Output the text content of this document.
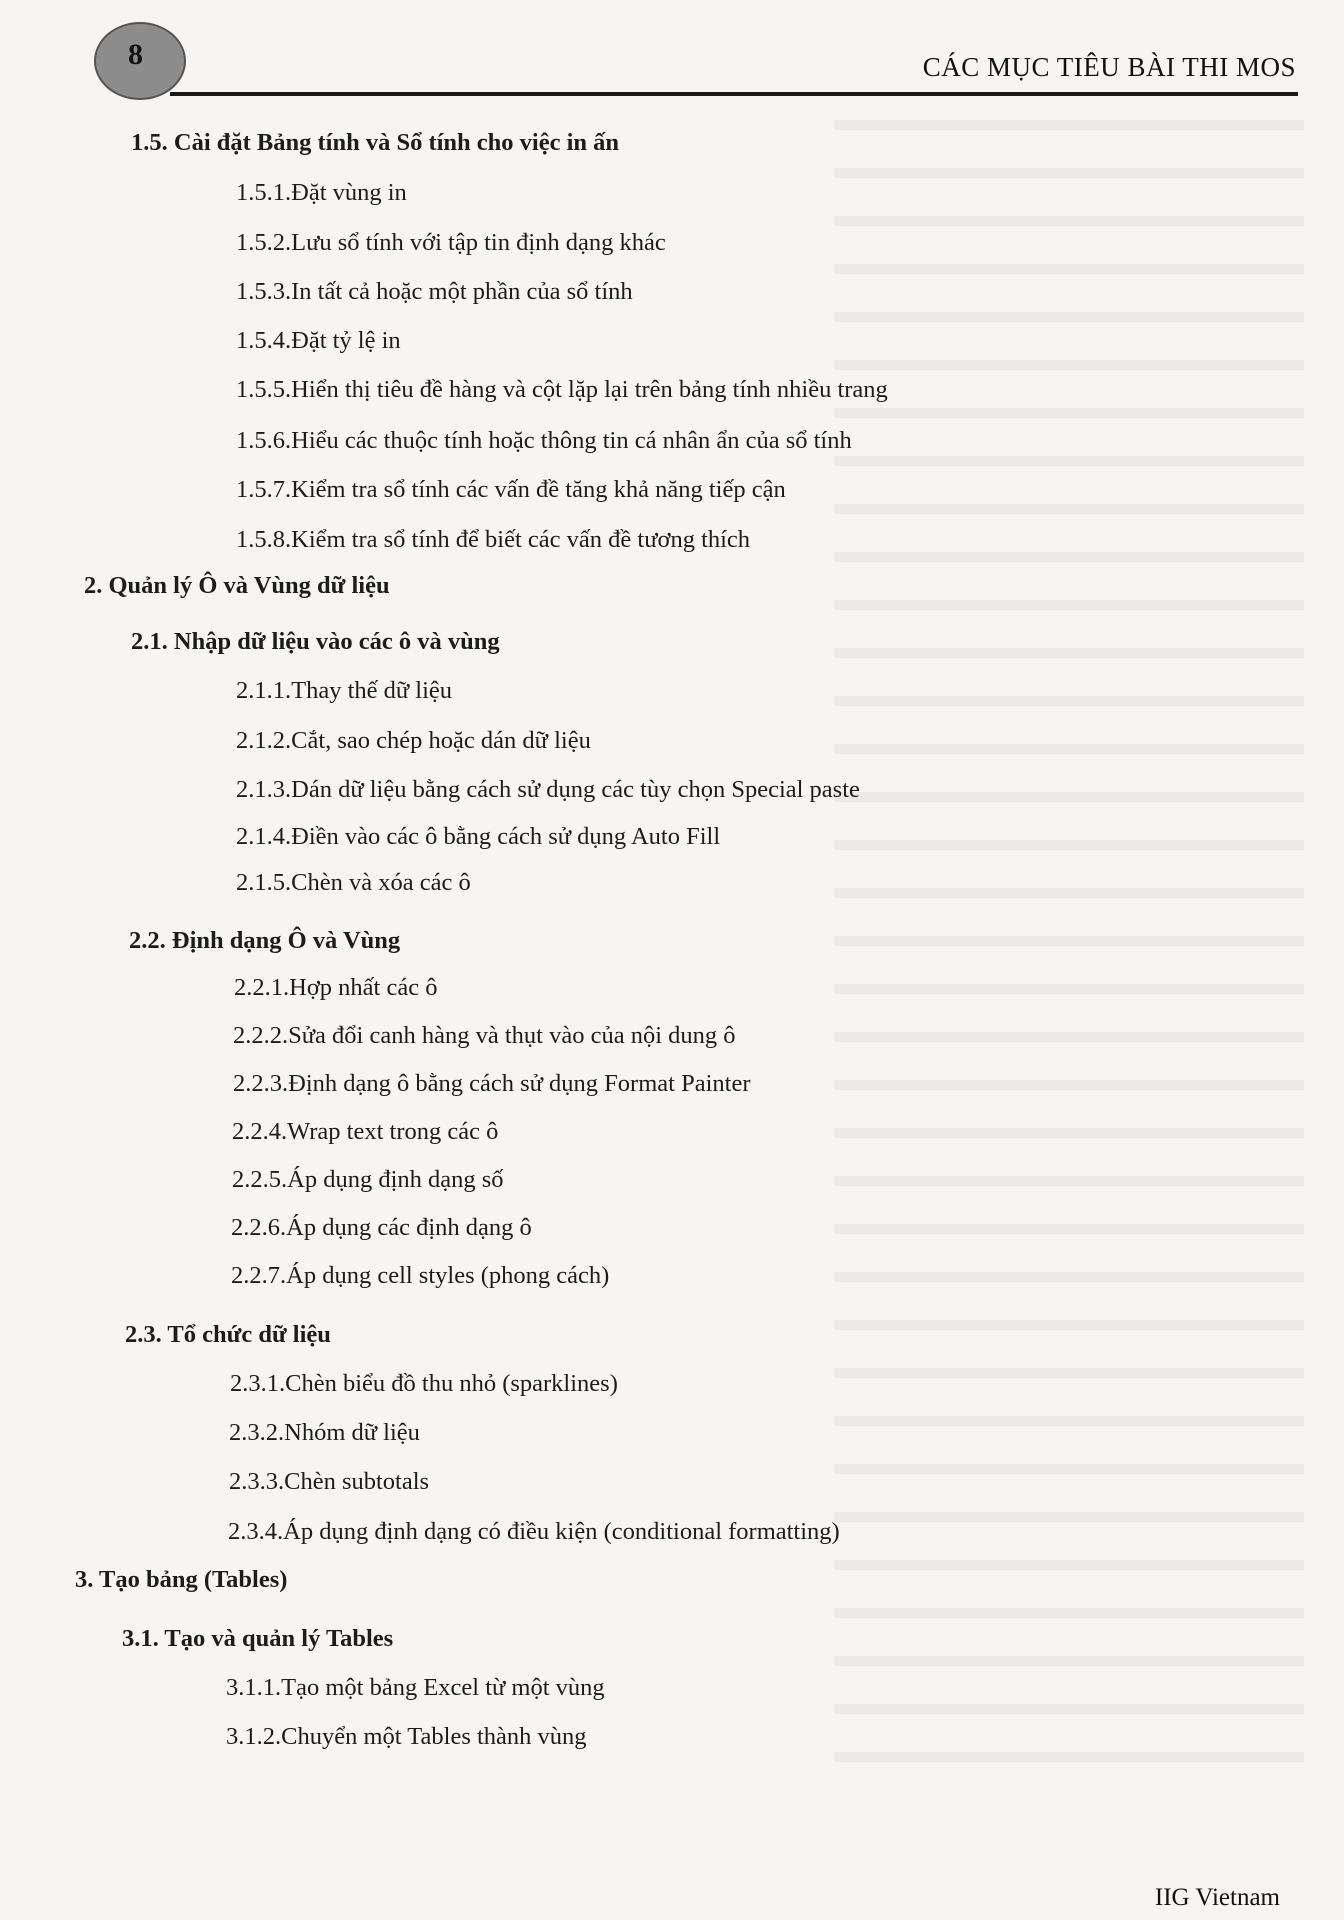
8	CÁC MỤC TIÊU BÀI THI MOS
1.5. Cài đặt Bảng tính và Sổ tính cho việc in ấn
1.5.1.Đặt vùng in
1.5.2.Lưu sổ tính với tập tin định dạng khác
1.5.3.In tất cả hoặc một phần của sổ tính
1.5.4.Đặt tỷ lệ in
1.5.5.Hiển thị tiêu đề hàng và cột lặp lại trên bảng tính nhiều trang
1.5.6.Hiểu các thuộc tính hoặc thông tin cá nhân ẩn của sổ tính
1.5.7.Kiểm tra sổ tính các vấn đề tăng khả năng tiếp cận
1.5.8.Kiểm tra sổ tính để biết các vấn đề tương thích
2. Quản lý Ô và Vùng dữ liệu
2.1. Nhập dữ liệu vào các ô và vùng
2.1.1.Thay thế dữ liệu
2.1.2.Cắt, sao chép hoặc dán dữ liệu
2.1.3.Dán dữ liệu bằng cách sử dụng các tùy chọn Special paste
2.1.4.Điền vào các ô bằng cách sử dụng Auto Fill
2.1.5.Chèn và xóa các ô
2.2. Định dạng Ô và Vùng
2.2.1.Hợp nhất các ô
2.2.2.Sửa đổi canh hàng và thụt vào của nội dung ô
2.2.3.Định dạng ô bằng cách sử dụng Format Painter
2.2.4.Wrap text trong các ô
2.2.5.Áp dụng định dạng số
2.2.6.Áp dụng các định dạng ô
2.2.7.Áp dụng cell styles (phong cách)
2.3. Tổ chức dữ liệu
2.3.1.Chèn biểu đồ thu nhỏ (sparklines)
2.3.2.Nhóm dữ liệu
2.3.3.Chèn subtotals
2.3.4.Áp dụng định dạng có điều kiện (conditional formatting)
3. Tạo bảng (Tables)
3.1. Tạo và quản lý Tables
3.1.1.Tạo một bảng Excel từ một vùng
3.1.2.Chuyển một Tables thành vùng
IIG Vietnam
